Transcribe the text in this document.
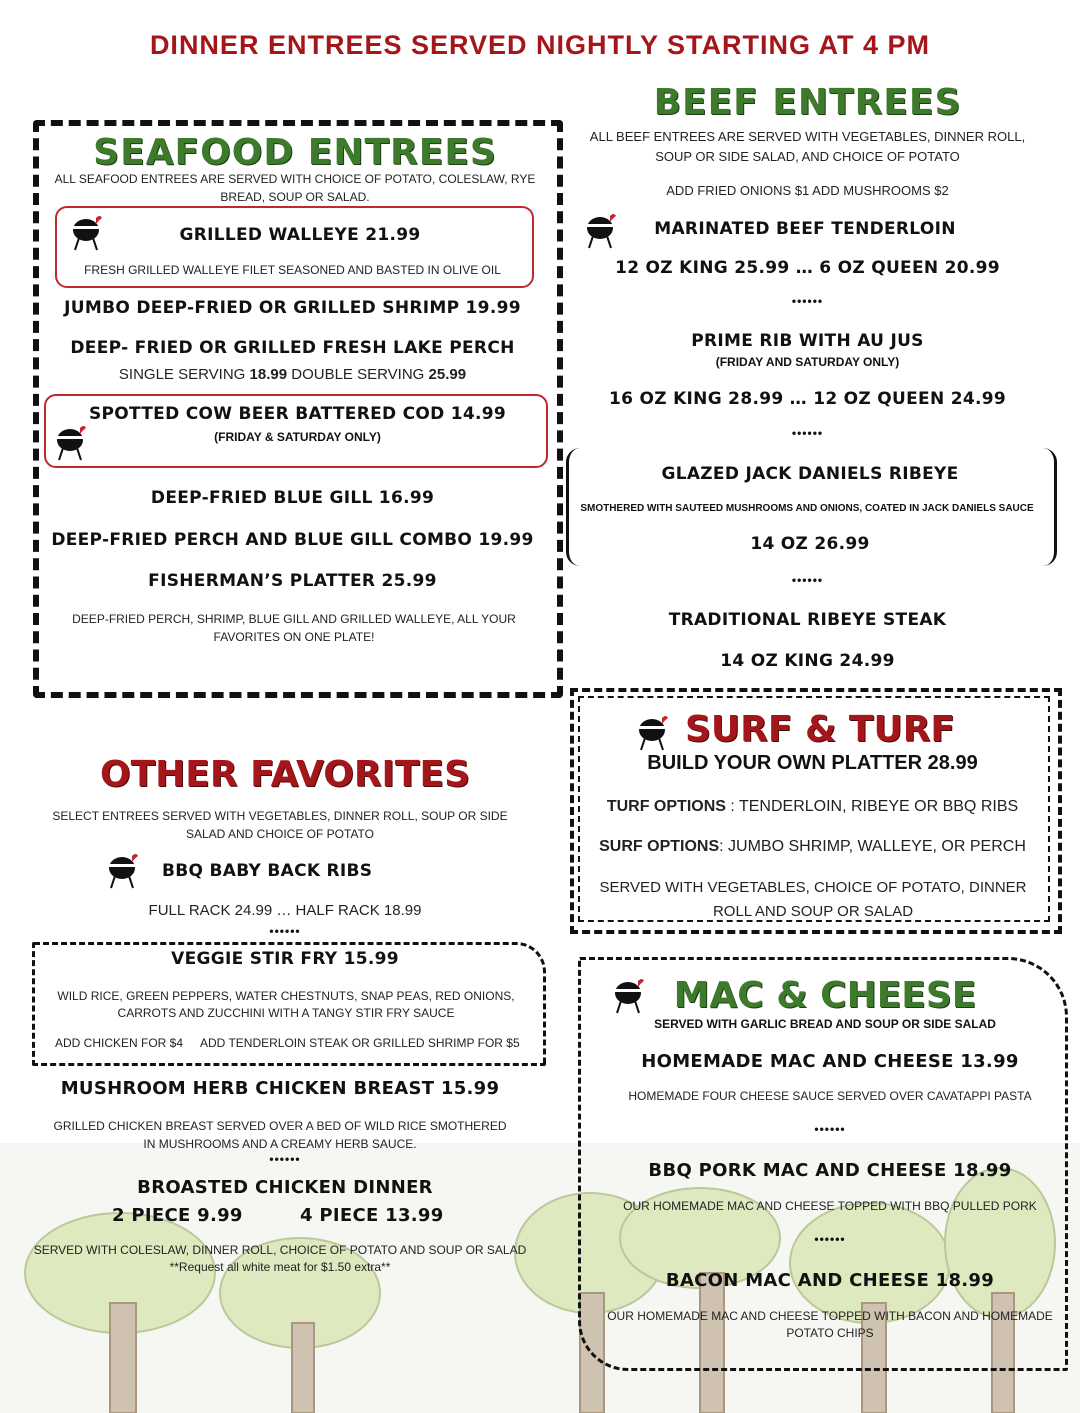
DINNER ENTREES SERVED NIGHTLY STARTING AT 4 PM
SEAFOOD ENTREES
ALL SEAFOOD ENTREES ARE SERVED WITH CHOICE OF POTATO, COLESLAW, RYE BREAD, SOUP OR SALAD.
GRILLED WALLEYE 21.99
FRESH GRILLED WALLEYE FILET SEASONED AND BASTED IN OLIVE OIL
JUMBO DEEP-FRIED OR GRILLED SHRIMP 19.99
DEEP- FRIED OR GRILLED FRESH LAKE PERCH
SINGLE SERVING 18.99 DOUBLE SERVING 25.99
SPOTTED COW BEER BATTERED COD 14.99
(FRIDAY & SATURDAY ONLY)
DEEP-FRIED BLUE GILL 16.99
DEEP-FRIED PERCH AND BLUE GILL COMBO 19.99
FISHERMAN’S PLATTER 25.99
DEEP-FRIED PERCH, SHRIMP, BLUE GILL AND GRILLED WALLEYE, ALL YOUR FAVORITES ON ONE PLATE!
BEEF ENTREES
ALL BEEF ENTREES ARE SERVED WITH VEGETABLES, DINNER ROLL, SOUP OR SIDE SALAD, AND CHOICE OF POTATO
ADD FRIED ONIONS $1 ADD MUSHROOMS $2
MARINATED BEEF TENDERLOIN
12 OZ KING 25.99 … 6 OZ QUEEN 20.99
••••••
PRIME RIB WITH AU JUS
(FRIDAY AND SATURDAY ONLY)
16 OZ KING 28.99 … 12 OZ QUEEN 24.99
••••••
GLAZED JACK DANIELS RIBEYE
SMOTHERED WITH SAUTEED MUSHROOMS AND ONIONS, COATED IN JACK DANIELS SAUCE
14 OZ 26.99
••••••
TRADITIONAL RIBEYE STEAK
14 OZ KING 24.99
SURF & TURF
BUILD YOUR OWN PLATTER 28.99
TURF OPTIONS : TENDERLOIN, RIBEYE OR BBQ RIBS
SURF OPTIONS: JUMBO SHRIMP, WALLEYE, OR PERCH
SERVED WITH VEGETABLES, CHOICE OF POTATO, DINNER ROLL AND SOUP OR SALAD
OTHER FAVORITES
SELECT ENTREES SERVED WITH VEGETABLES, DINNER ROLL, SOUP OR SIDE SALAD AND CHOICE OF POTATO
BBQ BABY BACK RIBS
FULL RACK 24.99 … HALF RACK 18.99
••••••
VEGGIE STIR FRY 15.99
WILD RICE, GREEN PEPPERS, WATER CHESTNUTS, SNAP PEAS, RED ONIONS, CARROTS AND ZUCCHINI WITH A TANGY STIR FRY SAUCE
ADD CHICKEN FOR $4	ADD TENDERLOIN STEAK OR GRILLED SHRIMP FOR $5
MUSHROOM HERB CHICKEN BREAST 15.99
GRILLED CHICKEN BREAST SERVED OVER A BED OF WILD RICE SMOTHERED IN MUSHROOMS AND A CREAMY HERB SAUCE.
••••••
BROASTED CHICKEN DINNER
2 PIECE 9.99	4 PIECE 13.99
SERVED WITH COLESLAW, DINNER ROLL, CHOICE OF POTATO AND SOUP OR SALAD
**Request all white meat for $1.50 extra**
MAC & CHEESE
SERVED WITH GARLIC BREAD AND SOUP OR SIDE SALAD
HOMEMADE MAC AND CHEESE 13.99
HOMEMADE FOUR CHEESE SAUCE SERVED OVER CAVATAPPI PASTA
••••••
BBQ PORK MAC AND CHEESE 18.99
OUR HOMEMADE MAC AND CHEESE TOPPED WITH BBQ PULLED PORK
••••••
BACON MAC AND CHEESE 18.99
OUR HOMEMADE MAC AND CHEESE TOPPED WITH BACON AND HOMEMADE POTATO CHIPS
